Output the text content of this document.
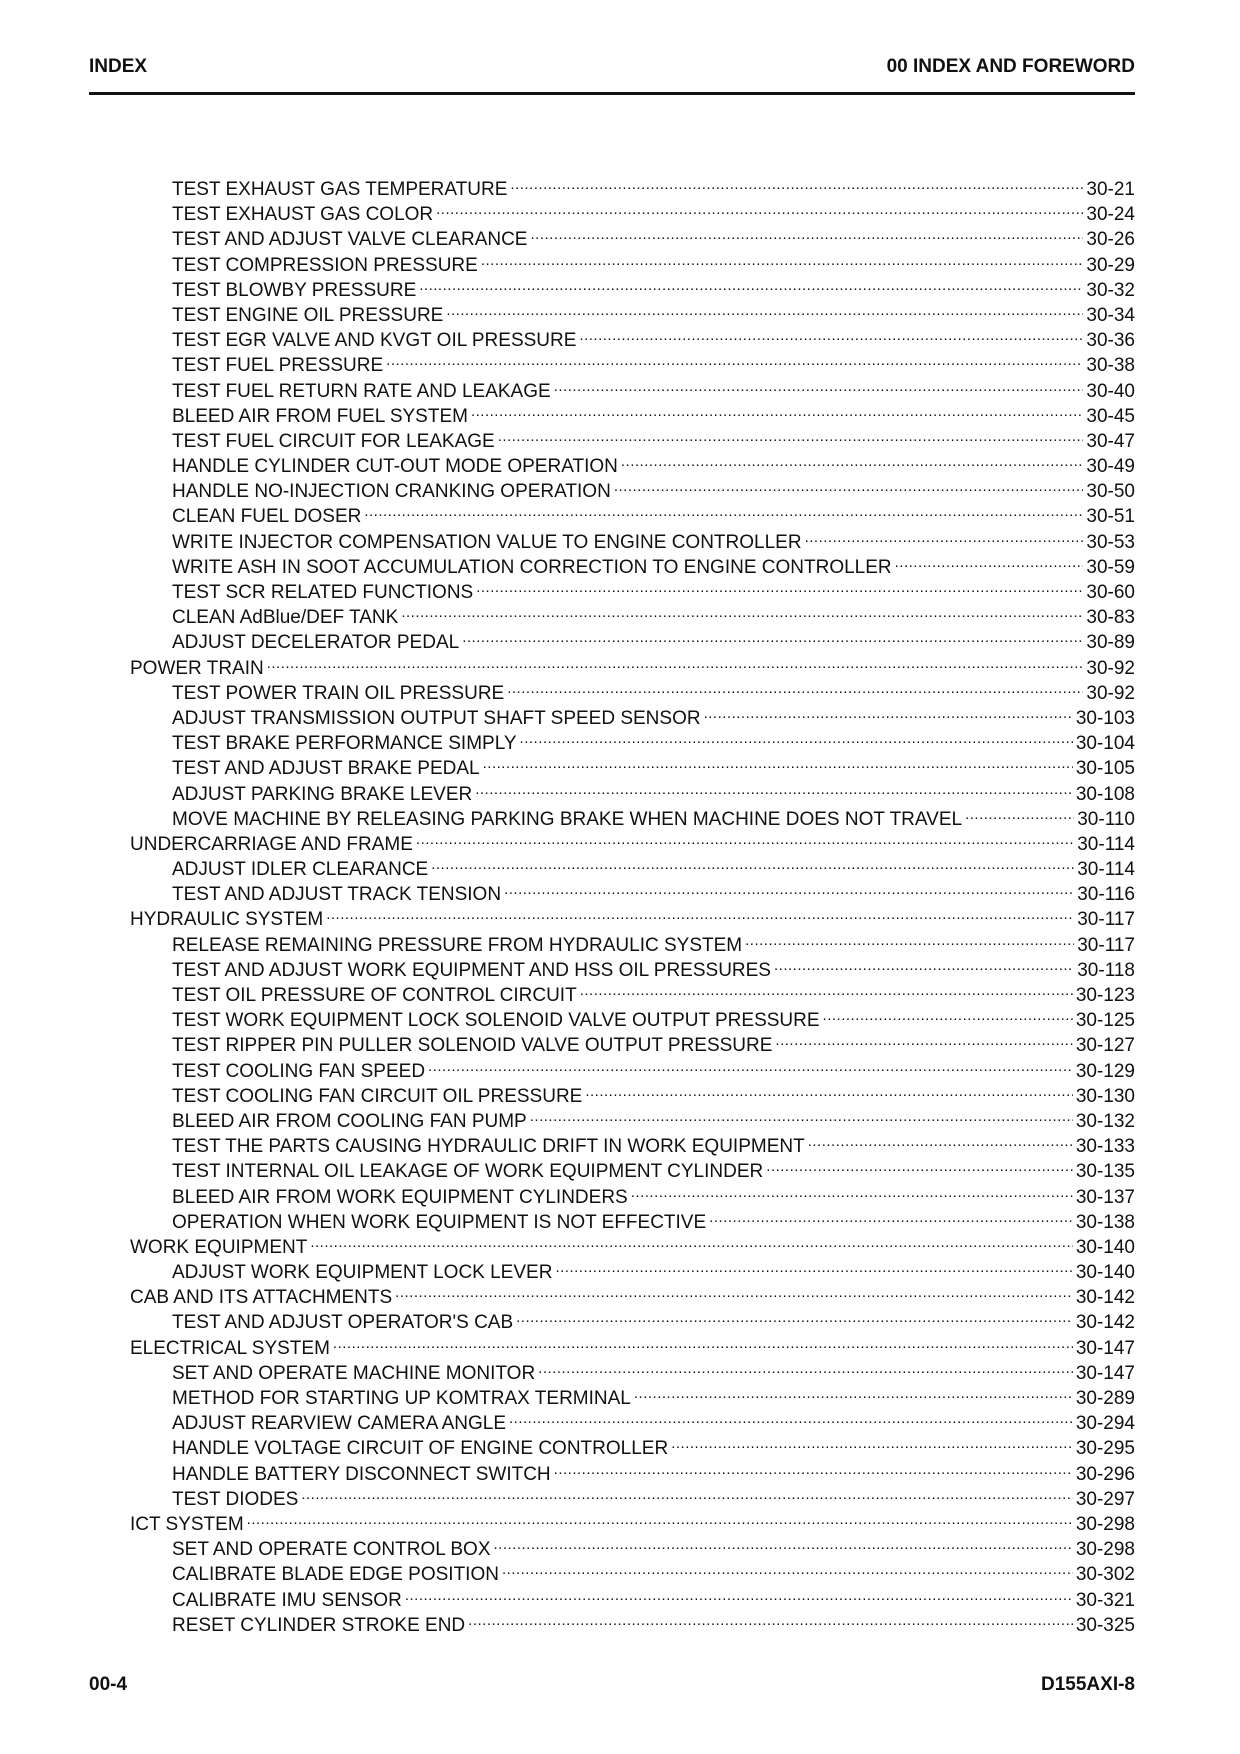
INDEX	00 INDEX AND FOREWORD
TEST EXHAUST GAS TEMPERATURE .....	30-21
TEST EXHAUST GAS COLOR .....	30-24
TEST AND ADJUST VALVE CLEARANCE .....	30-26
TEST COMPRESSION PRESSURE .....	30-29
TEST BLOWBY PRESSURE .....	30-32
TEST ENGINE OIL PRESSURE .....	30-34
TEST EGR VALVE AND KVGT OIL PRESSURE .....	30-36
TEST FUEL PRESSURE .....	30-38
TEST FUEL RETURN RATE AND LEAKAGE .....	30-40
BLEED AIR FROM FUEL SYSTEM .....	30-45
TEST FUEL CIRCUIT FOR LEAKAGE .....	30-47
HANDLE CYLINDER CUT-OUT MODE OPERATION .....	30-49
HANDLE NO-INJECTION CRANKING OPERATION .....	30-50
CLEAN FUEL DOSER .....	30-51
WRITE INJECTOR COMPENSATION VALUE TO ENGINE CONTROLLER .....	30-53
WRITE ASH IN SOOT ACCUMULATION CORRECTION TO ENGINE CONTROLLER .....	30-59
TEST SCR RELATED FUNCTIONS .....	30-60
CLEAN AdBlue/DEF TANK .....	30-83
ADJUST DECELERATOR PEDAL .....	30-89
POWER TRAIN .....	30-92
TEST POWER TRAIN OIL PRESSURE .....	30-92
ADJUST TRANSMISSION OUTPUT SHAFT SPEED SENSOR .....	30-103
TEST BRAKE PERFORMANCE SIMPLY .....	30-104
TEST AND ADJUST BRAKE PEDAL .....	30-105
ADJUST PARKING BRAKE LEVER .....	30-108
MOVE MACHINE BY RELEASING PARKING BRAKE WHEN MACHINE DOES NOT TRAVEL .....	30-110
UNDERCARRIAGE AND FRAME .....	30-114
ADJUST IDLER CLEARANCE .....	30-114
TEST AND ADJUST TRACK TENSION .....	30-116
HYDRAULIC SYSTEM .....	30-117
RELEASE REMAINING PRESSURE FROM HYDRAULIC SYSTEM .....	30-117
TEST AND ADJUST WORK EQUIPMENT AND HSS OIL PRESSURES .....	30-118
TEST OIL PRESSURE OF CONTROL CIRCUIT .....	30-123
TEST WORK EQUIPMENT LOCK SOLENOID VALVE OUTPUT PRESSURE .....	30-125
TEST RIPPER PIN PULLER SOLENOID VALVE OUTPUT PRESSURE .....	30-127
TEST COOLING FAN SPEED .....	30-129
TEST COOLING FAN CIRCUIT OIL PRESSURE .....	30-130
BLEED AIR FROM COOLING FAN PUMP .....	30-132
TEST THE PARTS CAUSING HYDRAULIC DRIFT IN WORK EQUIPMENT .....	30-133
TEST INTERNAL OIL LEAKAGE OF WORK EQUIPMENT CYLINDER .....	30-135
BLEED AIR FROM WORK EQUIPMENT CYLINDERS .....	30-137
OPERATION WHEN WORK EQUIPMENT IS NOT EFFECTIVE .....	30-138
WORK EQUIPMENT .....	30-140
ADJUST WORK EQUIPMENT LOCK LEVER .....	30-140
CAB AND ITS ATTACHMENTS .....	30-142
TEST AND ADJUST OPERATOR'S CAB .....	30-142
ELECTRICAL SYSTEM .....	30-147
SET AND OPERATE MACHINE MONITOR .....	30-147
METHOD FOR STARTING UP KOMTRAX TERMINAL .....	30-289
ADJUST REARVIEW CAMERA ANGLE .....	30-294
HANDLE VOLTAGE CIRCUIT OF ENGINE CONTROLLER .....	30-295
HANDLE BATTERY DISCONNECT SWITCH .....	30-296
TEST DIODES .....	30-297
ICT SYSTEM .....	30-298
SET AND OPERATE CONTROL BOX .....	30-298
CALIBRATE BLADE EDGE POSITION .....	30-302
CALIBRATE IMU SENSOR .....	30-321
RESET CYLINDER STROKE END .....	30-325
00-4	D155AXI-8
